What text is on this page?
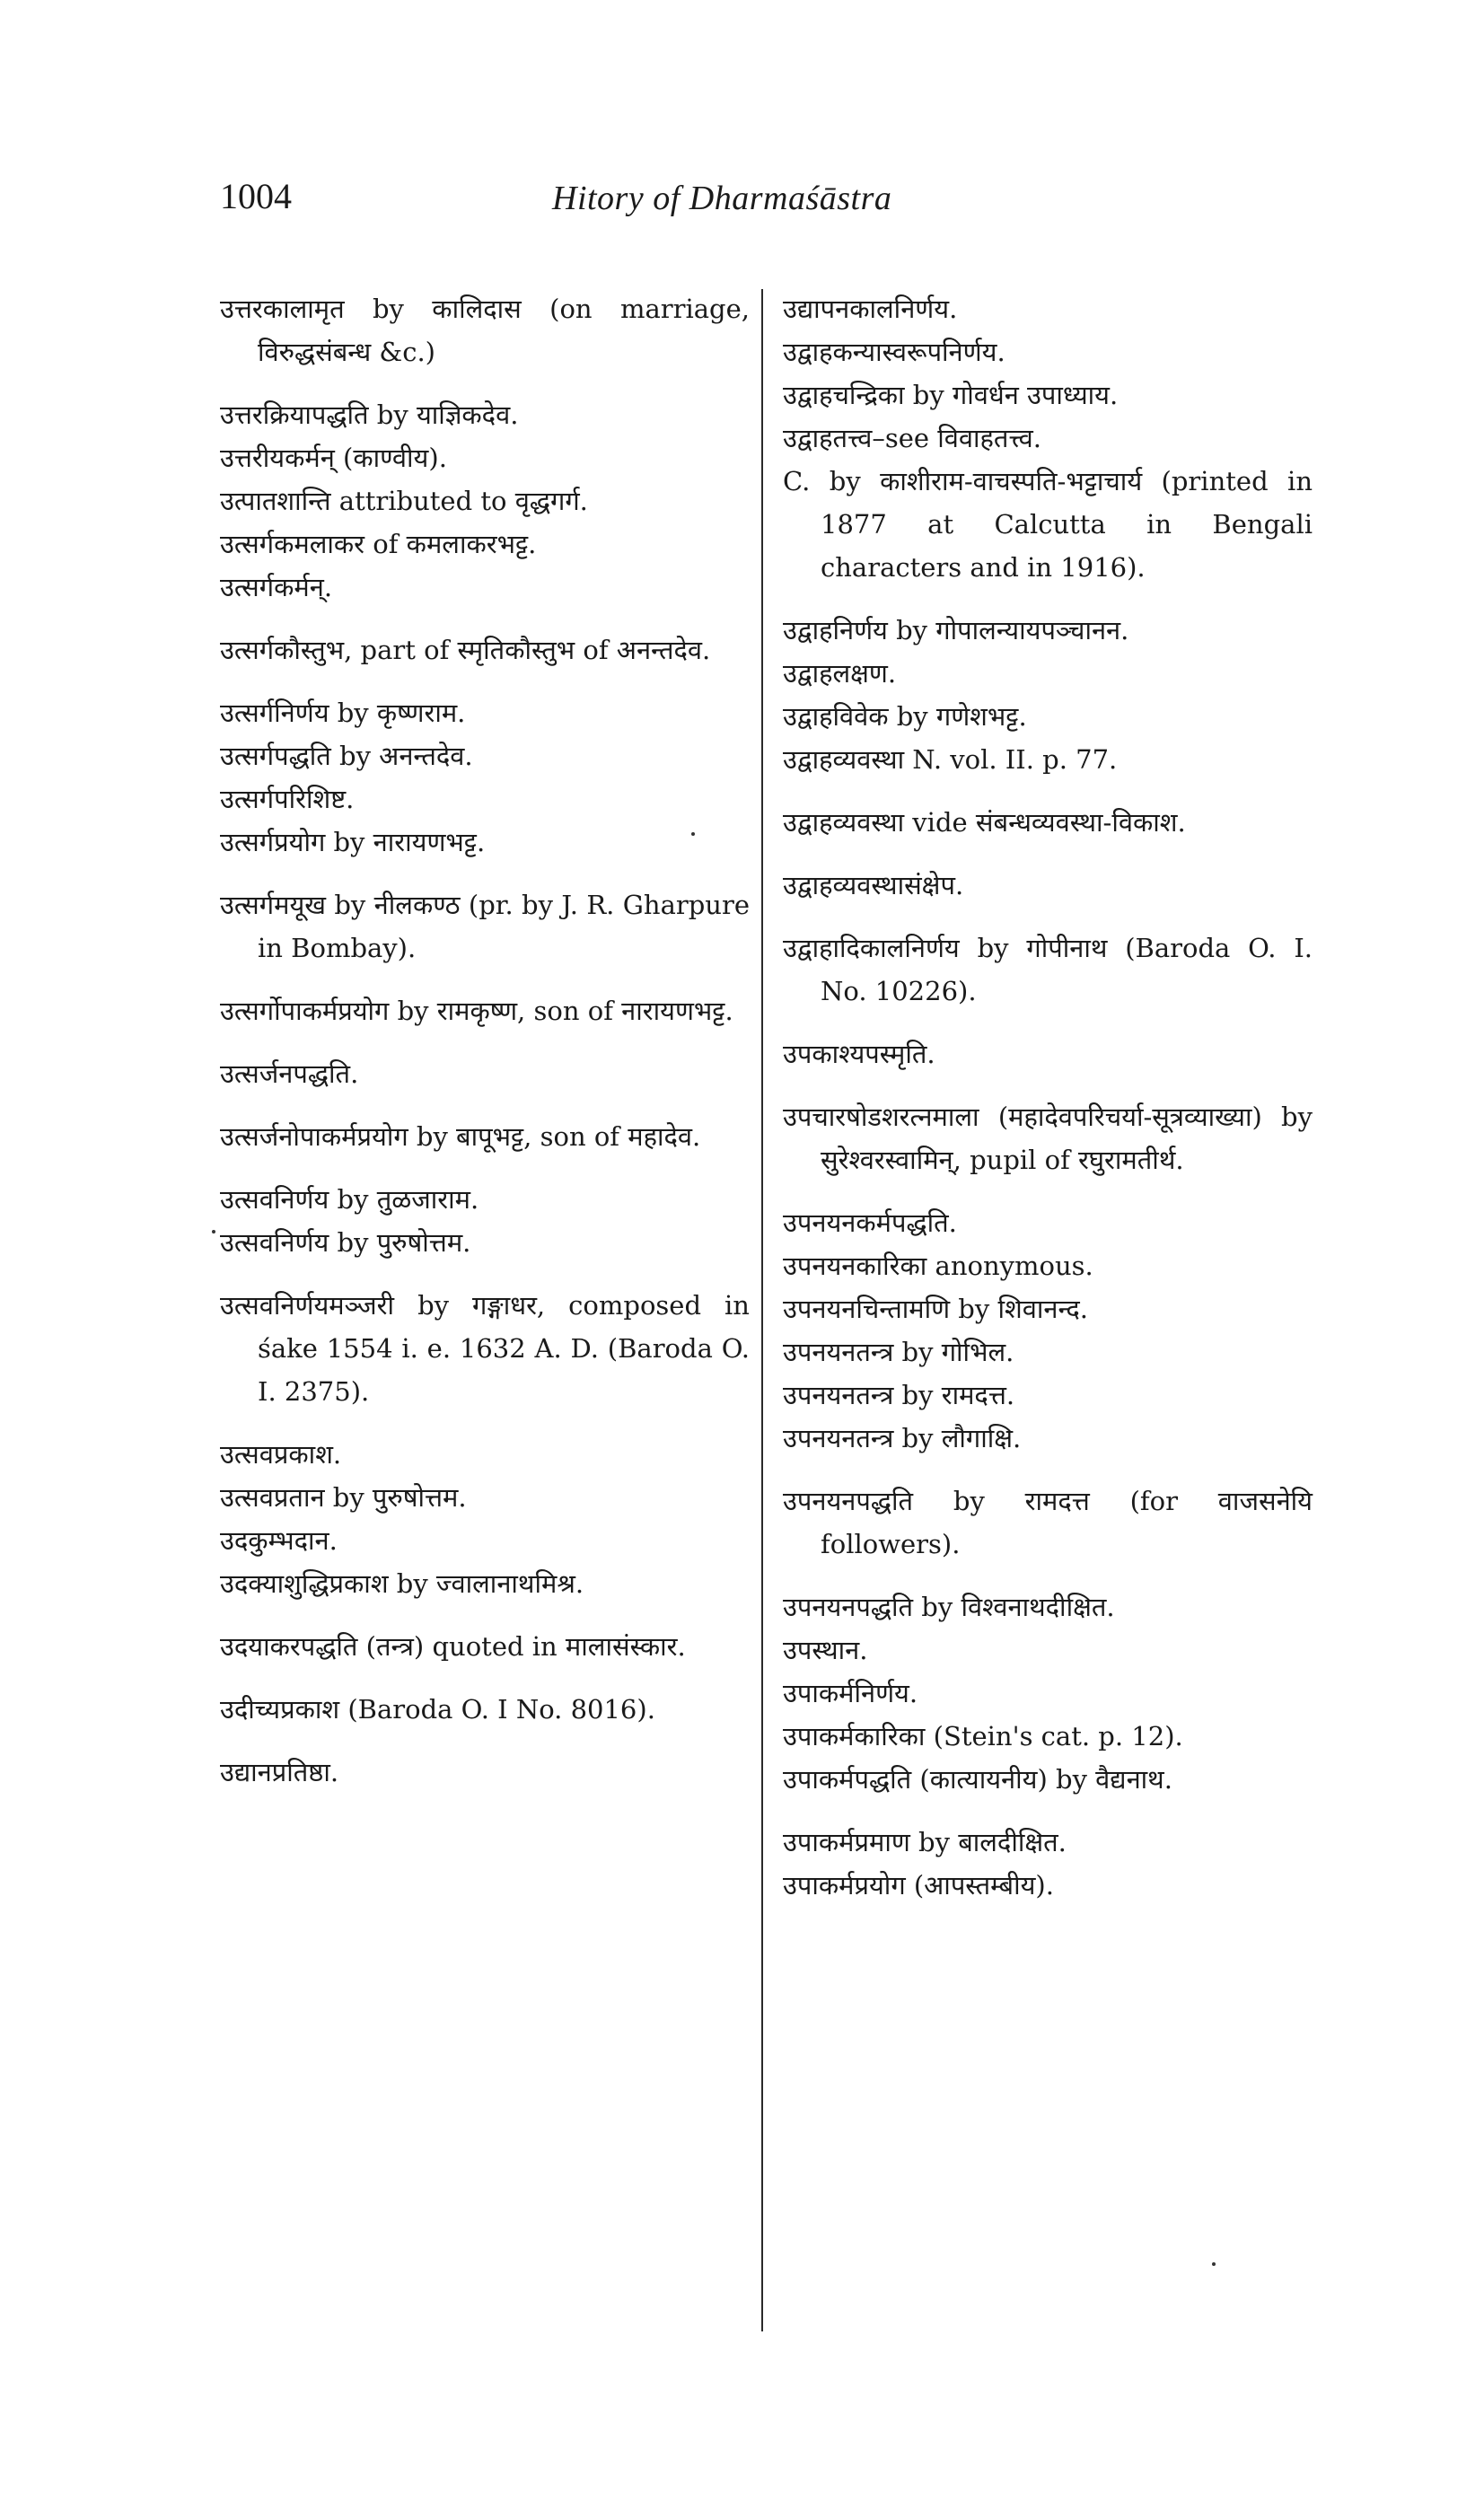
1004	Hitory of Dharmaśāstra

उत्तरकालामृत by कालिदास (on marriage, विरुद्धसंबन्ध &c.)

उत्तरक्रियापद्धति by याज्ञिकदेव.

उत्तरीयकर्मन् (काण्वीय).

उत्पातशान्ति attributed to वृद्धगर्ग.

उत्सर्गकमलाकर of कमलाकरभट्ट.

उत्सर्गकर्मन्.

उत्सर्गकौस्तुभ, part of स्मृतिकौस्तुभ of अनन्तदेव.

उत्सर्गनिर्णय by कृष्णराम.

उत्सर्गपद्धति by अनन्तदेव.

उत्सर्गपरिशिष्ट.

उत्सर्गप्रयोग by नारायणभट्ट.

उत्सर्गमयूख by नीलकण्ठ (pr. by J. R. Gharpure in Bombay).

उत्सर्गोपाकर्मप्रयोग by रामकृष्ण, son of नारायणभट्ट.

उत्सर्जनपद्धति.

उत्सर्जनोपाकर्मप्रयोग by बापूभट्ट, son of महादेव.

उत्सवनिर्णय by तुळजाराम.

उत्सवनिर्णय by पुरुषोत्तम.

उत्सवनिर्णयमञ्जरी by गङ्गाधर, composed in śake 1554 i. e. 1632 A. D. (Baroda O. I. 2375).

उत्सवप्रकाश.

उत्सवप्रतान by पुरुषोत्तम.

उदकुम्भदान.

उदक्याशुद्धिप्रकाश by ज्वालानाथमिश्र.

उदयाकरपद्धति (तन्त्र) quoted in मालासंस्कार.

उदीच्यप्रकाश (Baroda O. I No. 8016).

उद्यानप्रतिष्ठा.

उद्यापनकालनिर्णय.

उद्वाहकन्यास्वरूपनिर्णय.

उद्वाहचन्द्रिका by गोवर्धन उपाध्याय.

उद्वाहतत्त्व–see विवाहतत्त्व.

C. by काशीराम-वाचस्पति-भट्टाचार्य (printed in 1877 at Calcutta in Bengali characters and in 1916).

उद्वाहनिर्णय by गोपालन्यायपञ्चानन.

उद्वाहलक्षण.

उद्वाहविवेक by गणेशभट्ट.

उद्वाहव्यवस्था N. vol. II. p. 77.

उद्वाहव्यवस्था vide संबन्धव्यवस्था-विकाश.

उद्वाहव्यवस्थासंक्षेप.

उद्वाहादिकालनिर्णय by गोपीनाथ (Baroda O. I. No. 10226).

उपकाश्यपस्मृति.

उपचारषोडशरत्नमाला (महादेवपरिचर्या-सूत्रव्याख्या) by सुरेश्वरस्वामिन्, pupil of रघुरामतीर्थ.

उपनयनकर्मपद्धति.

उपनयनकारिका anonymous.

उपनयनचिन्तामणि by शिवानन्द.

उपनयनतन्त्र by गोभिल.

उपनयनतन्त्र by रामदत्त.

उपनयनतन्त्र by लौगाक्षि.

उपनयनपद्धति by रामदत्त (for वाजसनेयि followers).

उपनयनपद्धति by विश्वनाथदीक्षित.

उपस्थान.

उपाकर्मनिर्णय.

उपाकर्मकारिका (Stein's cat. p. 12).

उपाकर्मपद्धति (कात्यायनीय) by वैद्यनाथ.

उपाकर्मप्रमाण by बालदीक्षित.

उपाकर्मप्रयोग (आपस्तम्बीय).
